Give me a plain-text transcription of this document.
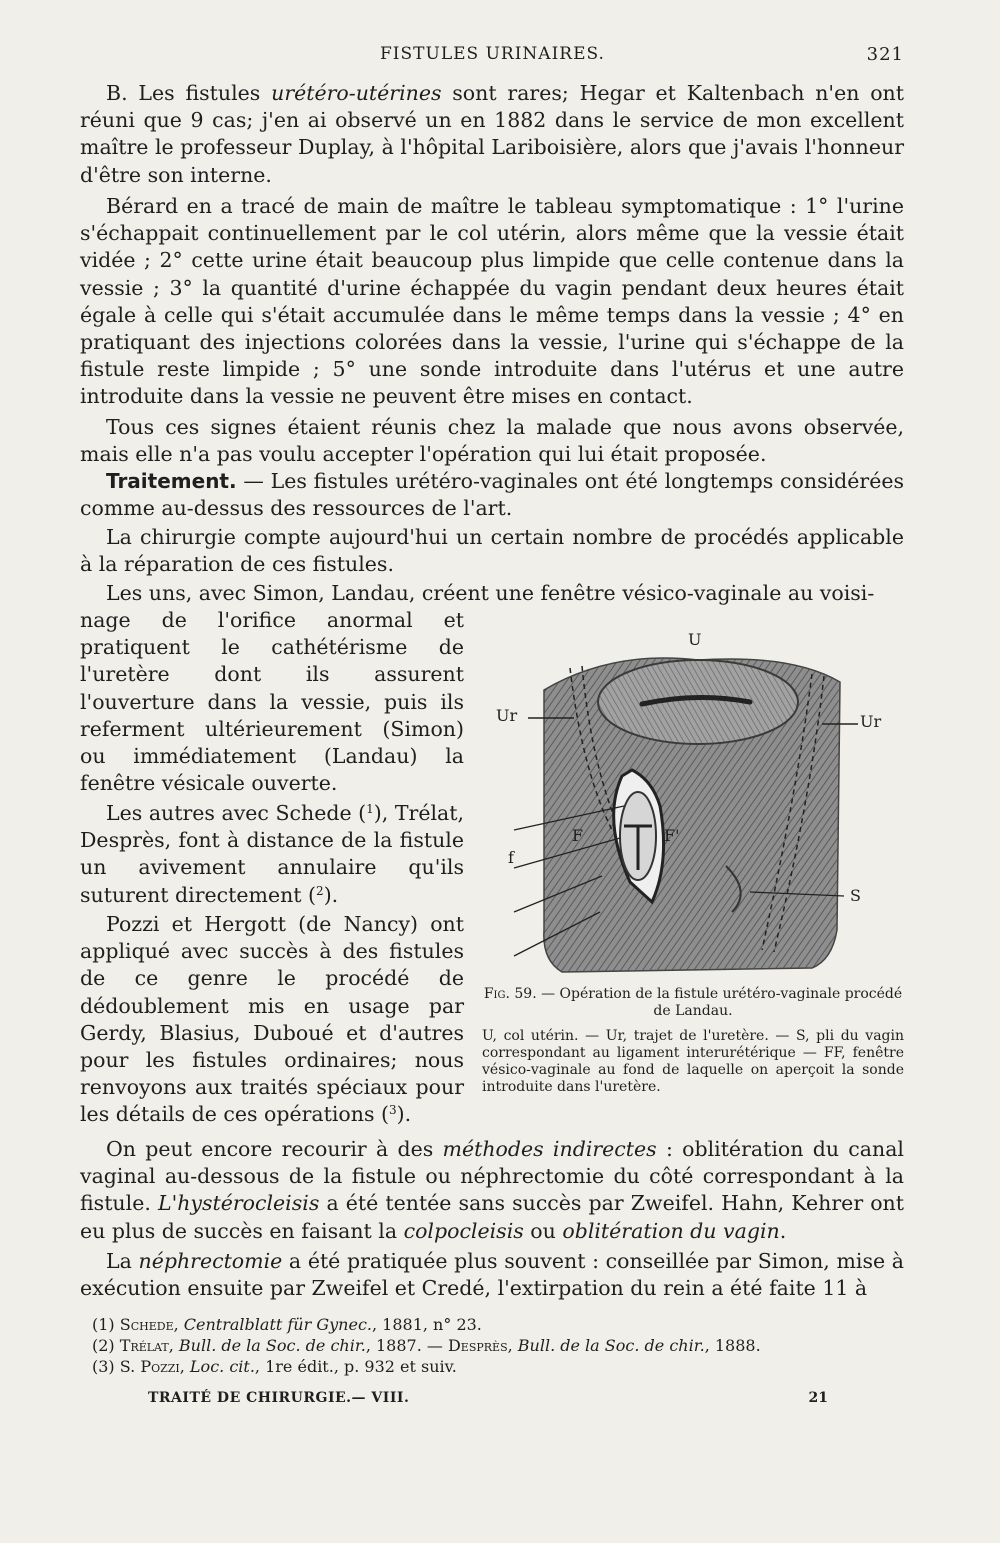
FISTULES URINAIRES.	321

B. Les fistules urétéro-utérines sont rares; Hegar et Kaltenbach n'en ont réuni que 9 cas; j'en ai observé un en 1882 dans le service de mon excellent maître le professeur Duplay, à l'hôpital Lariboisière, alors que j'avais l'honneur d'être son interne.

Bérard en a tracé de main de maître le tableau symptomatique : 1° l'urine s'échappait continuellement par le col utérin, alors même que la vessie était vidée ; 2° cette urine était beaucoup plus limpide que celle contenue dans la vessie ; 3° la quantité d'urine échappée du vagin pendant deux heures était égale à celle qui s'était accumulée dans le même temps dans la vessie ; 4° en pratiquant des injections colorées dans la vessie, l'urine qui s'échappe de la fistule reste limpide ; 5° une sonde introduite dans l'utérus et une autre introduite dans la vessie ne peuvent être mises en contact.

Tous ces signes étaient réunis chez la malade que nous avons observée, mais elle n'a pas voulu accepter l'opération qui lui était proposée.

Traitement. — Les fistules urétéro-vaginales ont été longtemps considérées comme au-dessus des ressources de l'art.

La chirurgie compte aujourd'hui un certain nombre de procédés applicable à la réparation de ces fistules.

Les uns, avec Simon, Landau, créent une fenêtre vésico-vaginale au voisi-

nage de l'orifice anormal et pratiquent le cathétérisme de l'uretère dont ils assurent l'ouverture dans la vessie, puis ils referment ultérieurement (Simon) ou immédiatement (Landau) la fenêtre vésicale ouverte.

Les autres avec Schede ($^1$), Trélat, Desprès, font à distance de la fistule un avivement annulaire qu'ils suturent directement ($^2$).

Pozzi et Hergott (de Nancy) ont appliqué avec succès à des fistules de ce genre le procédé de dédoublement mis en usage par Gerdy, Blasius, Duboué et d'autres pour les fistules ordinaires; nous renvoyons aux traités spéciaux pour les détails de ces opérations ($^3$).

On peut encore recourir à des méthodes indirectes : oblitération du canal vaginal au-dessous de la fistule ou néphrectomie du côté correspondant à la fistule. L'hystérocleisis a été tentée sans succès par Zweifel. Hahn, Kehrer ont eu plus de succès en faisant la colpocleisis ou oblitération du vagin.

La néphrectomie a été pratiquée plus souvent : conseillée par Simon, mise à exécution ensuite par Zweifel et Credé, l'extirpation du rein a été faite 11 à

U
Ur	Ur
F	F'
f
S

Fig. 59. — Opération de la fistule urétéro-vaginale procédé de Landau.

U, col utérin. — Ur, trajet de l'uretère. — S, pli du vagin correspondant au ligament interurétérique — FF, fenêtre vésico-vaginale au fond de laquelle on aperçoit la sonde introduite dans l'uretère.

(1) Schede, Centralblatt für Gynec., 1881, n° 23.

(2) Trélat, Bull. de la Soc. de chir., 1887. — Desprès, Bull. de la Soc. de chir., 1888.

(3) S. Pozzi, Loc. cit., 1re édit., p. 932 et suiv.

TRAITÉ DE CHIRURGIE.— VIII.	21
